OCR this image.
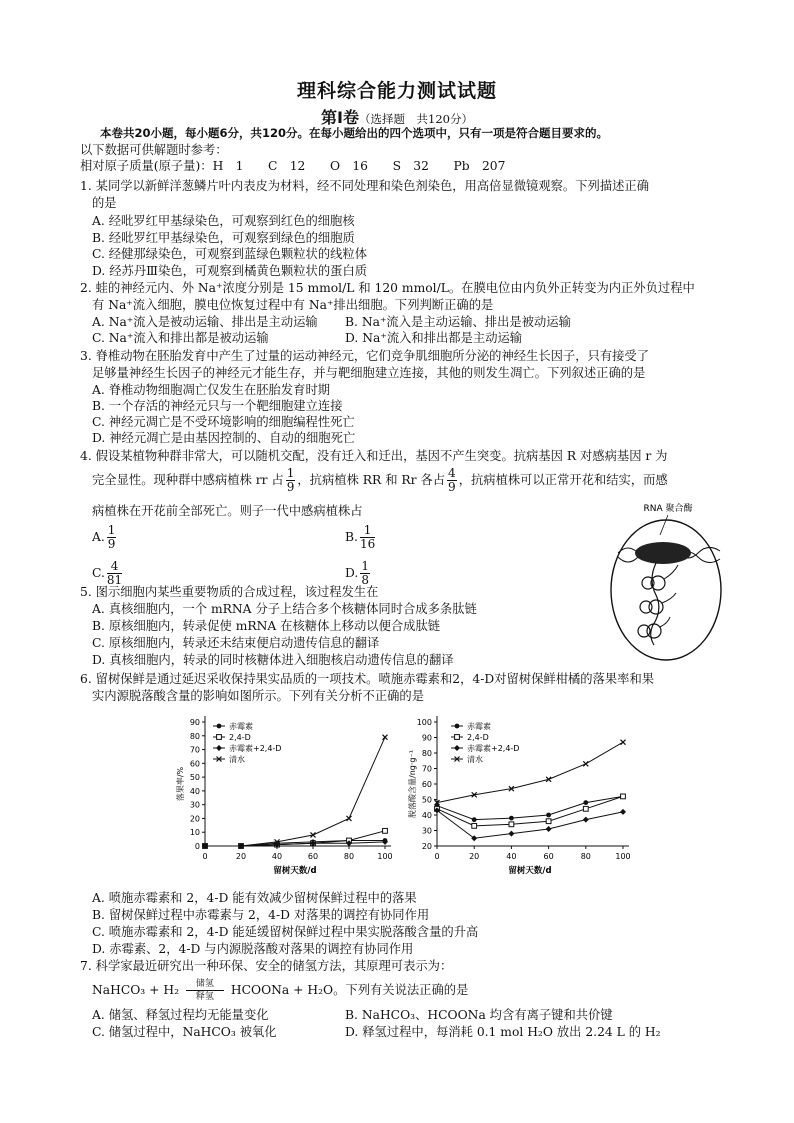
理科综合能力测试试题
第Ⅰ卷（选择题　共120分）
本卷共20小题，每小题6分，共120分。在每小题给出的四个选项中，只有一项是符合题目要求的。
以下数据可供解题时参考：
相对原子质量(原子量)：H　1　　C　12　　O　16　　S　32　　Pb　207
1. 某同学以新鲜洋葱鳞片叶内表皮为材料，经不同处理和染色剂染色，用高倍显微镜观察。下列描述正确
的是
A. 经吡罗红甲基绿染色，可观察到红色的细胞核
B. 经吡罗红甲基绿染色，可观察到绿色的细胞质
C. 经健那绿染色，可观察到蓝绿色颗粒状的线粒体
D. 经苏丹Ⅲ染色，可观察到橘黄色颗粒状的蛋白质
2. 蛙的神经元内、外 Na⁺浓度分别是 15 mmol/L 和 120 mmol/L。在膜电位由内负外正转变为内正外负过程中
有 Na⁺流入细胞，膜电位恢复过程中有 Na⁺排出细胞。下列判断正确的是
A. Na⁺流入是被动运输、排出是主动运输 B. Na⁺流入是主动运输、排出是被动运输
C. Na⁺流入和排出都是被动运输	D. Na⁺流入和排出都是主动运输
3. 脊椎动物在胚胎发育中产生了过量的运动神经元，它们竞争肌细胞所分泌的神经生长因子，只有接受了
足够量神经生长因子的神经元才能生存，并与靶细胞建立连接，其他的则发生凋亡。下列叙述正确的是
A. 脊椎动物细胞凋亡仅发生在胚胎发育时期
B. 一个存活的神经元只与一个靶细胞建立连接
C. 神经元凋亡是不受环境影响的细胞编程性死亡
D. 神经元凋亡是由基因控制的、自动的细胞死亡
4. 假设某植物种群非常大，可以随机交配，没有迁入和迁出，基因不产生突变。抗病基因 R 对感病基因 r 为
完全显性。现种群中感病植株 rr 占 $\frac{1}{9}$ ，抗病植株 RR 和 Rr 各占 $\frac{4}{9}$ ，抗病植株可以正常开花和结实，而感
病植株在开花前全部死亡。则子一代中感病植株占
A. $\frac{1}{9}$	B. $\frac{1}{16}$
C. $\frac{4}{81}$	D. $\frac{1}{8}$
RNA 聚合酶
5. 图示细胞内某些重要物质的合成过程，该过程发生在
A. 真核细胞内，一个 mRNA 分子上结合多个核糖体同时合成多条肽链
B. 原核细胞内，转录促使 mRNA 在核糖体上移动以便合成肽链
C. 原核细胞内，转录还未结束便启动遗传信息的翻译
D. 真核细胞内，转录的同时核糖体进入细胞核启动遗传信息的翻译
6. 留树保鲜是通过延迟采收保持果实品质的一项技术。喷施赤霉素和2，4-D对留树保鲜柑橘的落果率和果
实内源脱落酸含量的影响如图所示。下列有关分析不正确的是
0
10
20
30
40
50
60
70
80
90
0	20	40	60	80	100
留树天数/d
落果率/%
赤霉素
2,4-D
赤霉素+2,4-D
清水
20
30
40
50
60
70
80
90
100
0	20	40	60	80	100
留树天数/d
脱落酸含量/ng·g⁻¹
赤霉素
2,4-D
赤霉素+2,4-D
清水
A. 喷施赤霉素和 2，4-D 能有效减少留树保鲜过程中的落果
B. 留树保鲜过程中赤霉素与 2，4-D 对落果的调控有协同作用
C. 喷施赤霉素和 2，4-D 能延缓留树保鲜过程中果实脱落酸含量的升高
D. 赤霉素、2，4-D 与内源脱落酸对落果的调控有协同作用
7. 科学家最近研究出一种环保、安全的储氢方法，其原理可表示为：
NaHCO₃ + H₂	储氢
释氢	HCOONa + H₂O。下列有关说法正确的是
A. 储氢、释氢过程均无能量变化	B. NaHCO₃、HCOONa 均含有离子键和共价键
C. 储氢过程中，NaHCO₃ 被氧化	D. 释氢过程中，每消耗 0.1 mol H₂O 放出 2.24 L 的 H₂
